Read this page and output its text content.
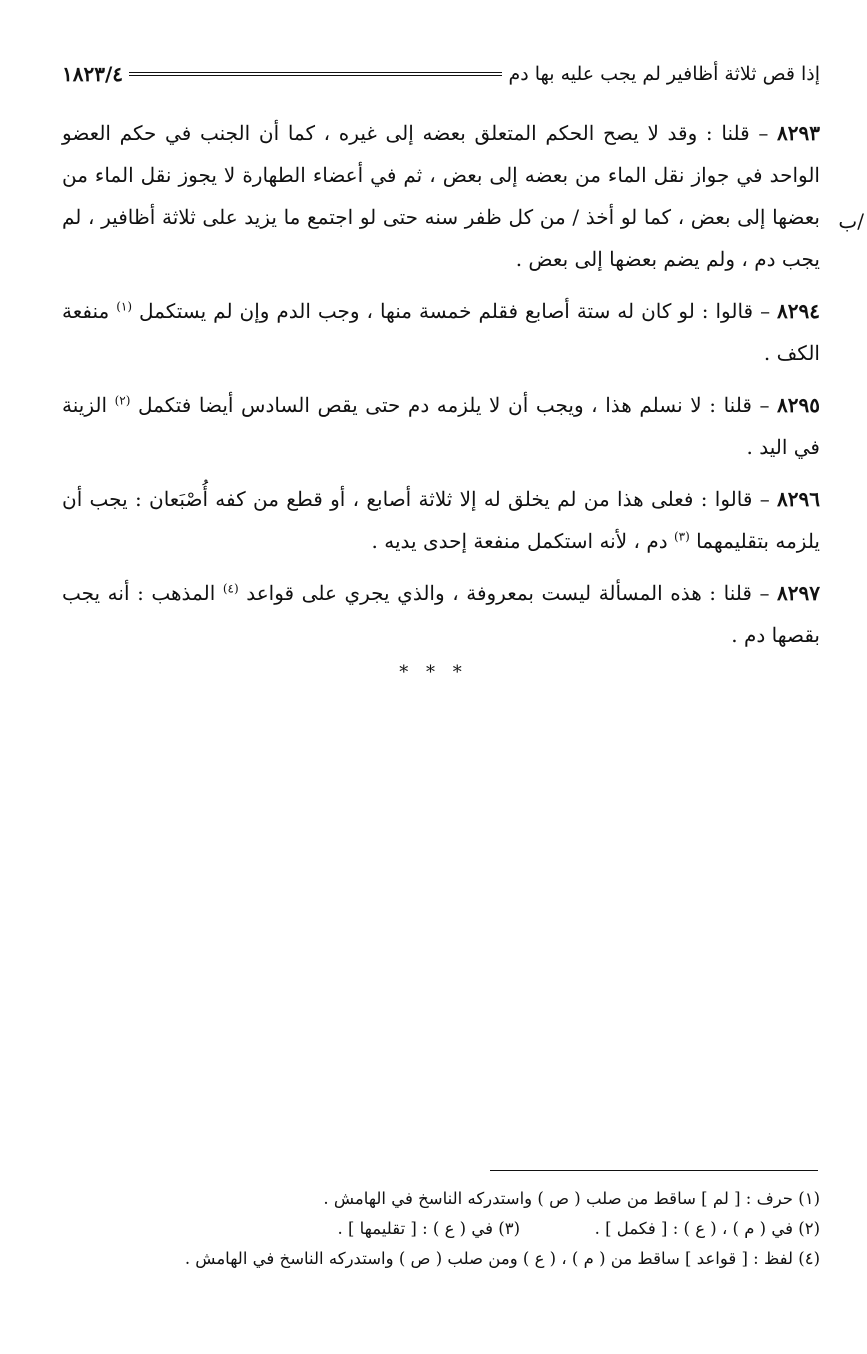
إذا قص ثلاثة أظافير لم يجب عليه بها دم
١٨٢٣/٤
/ب

٨٢٩٣ – قلنا : وقد لا يصح الحكم المتعلق بعضه إلى غيره ، كما أن الجنب في حكم العضو الواحد في جواز نقل الماء من بعضه إلى بعض ، ثم في أعضاء الطهارة لا يجوز نقل الماء من بعضها إلى بعض ، كما لو أخذ / من كل ظفر سنه حتى لو اجتمع ما يزيد على ثلاثة أظافير ، لم يجب دم ، ولم يضم بعضها إلى بعض .

٨٢٩٤ – قالوا : لو كان له ستة أصابع فقلم خمسة منها ، وجب الدم وإن لم يستكمل $^{(١)}$ منفعة الكف .

٨٢٩٥ – قلنا : لا نسلم هذا ، ويجب أن لا يلزمه دم حتى يقص السادس أيضا فتكمل $^{(٢)}$ الزينة في اليد .

٨٢٩٦ – قالوا : فعلى هذا من لم يخلق له إلا ثلاثة أصابع ، أو قطع من كفه أُصْبَعان : يجب أن يلزمه بتقليمهما $^{(٣)}$ دم ، لأنه استكمل منفعة إحدى يديه .

٨٢٩٧ – قلنا : هذه المسألة ليست بمعروفة ، والذي يجري على قواعد $^{(٤)}$ المذهب : أنه يجب بقصها دم .

* * *
(١) حرف : [ لم ] ساقط من صلب ( ص ) واستدركه الناسخ في الهامش .
(٢) في ( م ) ، ( ع ) : [ فكمل ] .
(٣) في ( ع ) : [ تقليمها ] .
(٤) لفظ : [ قواعد ] ساقط من ( م ) ، ( ع ) ومن صلب ( ص ) واستدركه الناسخ في الهامش .
